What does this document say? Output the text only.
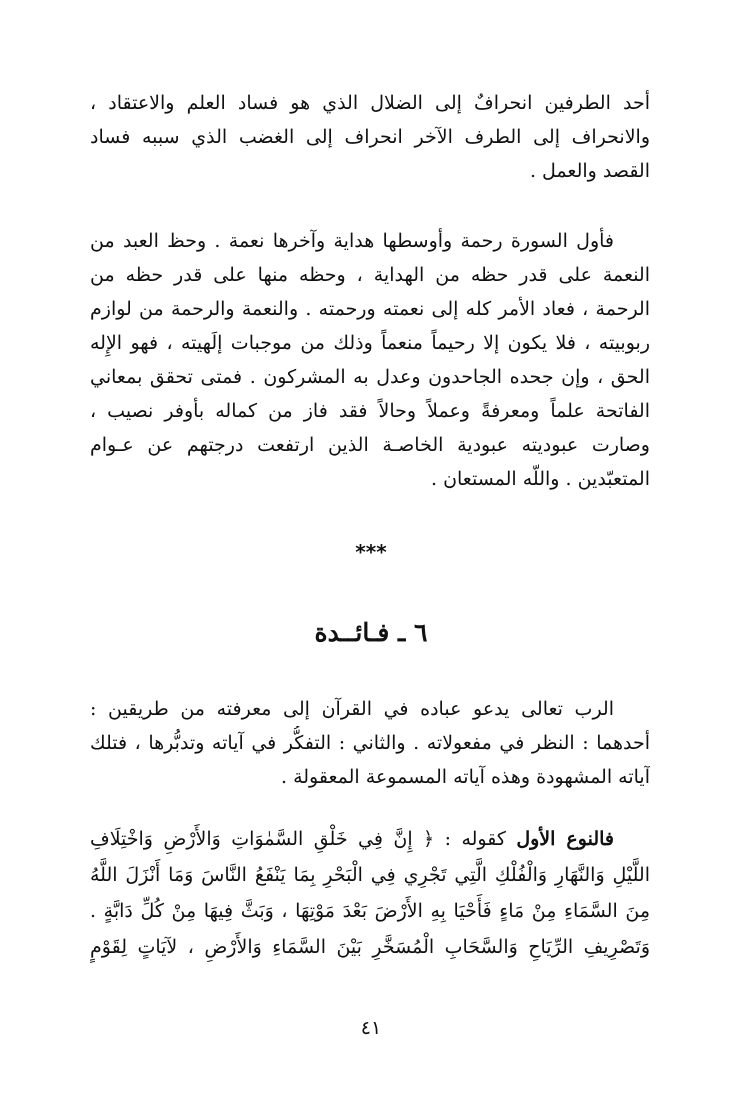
أحد الطرفين انحرافٌ إلى الضلال الذي هو فساد العلم والاعتقاد ،
والانحراف إلى الطرف الآخر انحراف إلى الغضب الذي سببه فساد
القصد والعمل .
فأول السورة رحمة وأوسطها هداية وآخرها نعمة . وحظ العبد من
النعمة على قدر حظه من الهداية ، وحظه منها على قدر حظه من
الرحمة ، فعاد الأمر كله إلى نعمته ورحمته . والنعمة والرحمة من لوازم
ربوبيته ، فلا يكون إلا رحيماً منعماً وذلك من موجبات إلَهيته ، فهو الإِله
الحق ، وإن جحده الجاحدون وعدل به المشركون . فمتى تحقق بمعاني
الفاتحة علماً ومعرفةً وعملاً وحالاً فقد فاز من كماله بأوفر نصيب ،
وصارت عبوديته عبودية الخاصـة الذين ارتفعت درجتهم عن عـوام
المتعبّدين . واللّه المستعان .
***
٦ ـ فـائــدة
الرب تعالى يدعو عباده في القرآن إلى معرفته من طريقين :
أحدهما : النظر في مفعولاته . والثاني : التفكُّر في آياته وتدبُّرها ، فتلك
آياته المشهودة وهذه آياته المسموعة المعقولة .
فالنوع الأول كقوله : ﴿ إِنَّ فِي خَلْقِ السَّمٰوَاتِ وَالأَرْضِ وَاخْتِلَافِ
اللَّيْلِ وَالنَّهَارِ وَالْفُلْكِ الَّتِي تَجْرِي فِي الْبَحْرِ بِمَا يَنْفَعُ النَّاسَ وَمَا أَنْزَلَ اللَّهُ
مِنَ السَّمَاءِ مِنْ مَاءٍ فَأَحْيَا بِهِ الأَرْضَ بَعْدَ مَوْتِهَا ، وَبَثَّ فِيهَا مِنْ كُلِّ دَابَّةٍ .
وَتَصْرِيفِ الرِّيَاحِ وَالسَّحَابِ الْمُسَخَّرِ بَيْنَ السَّمَاءِ وَالأَرْضِ ، لآيَاتٍ لِقَوْمٍ
٤١
